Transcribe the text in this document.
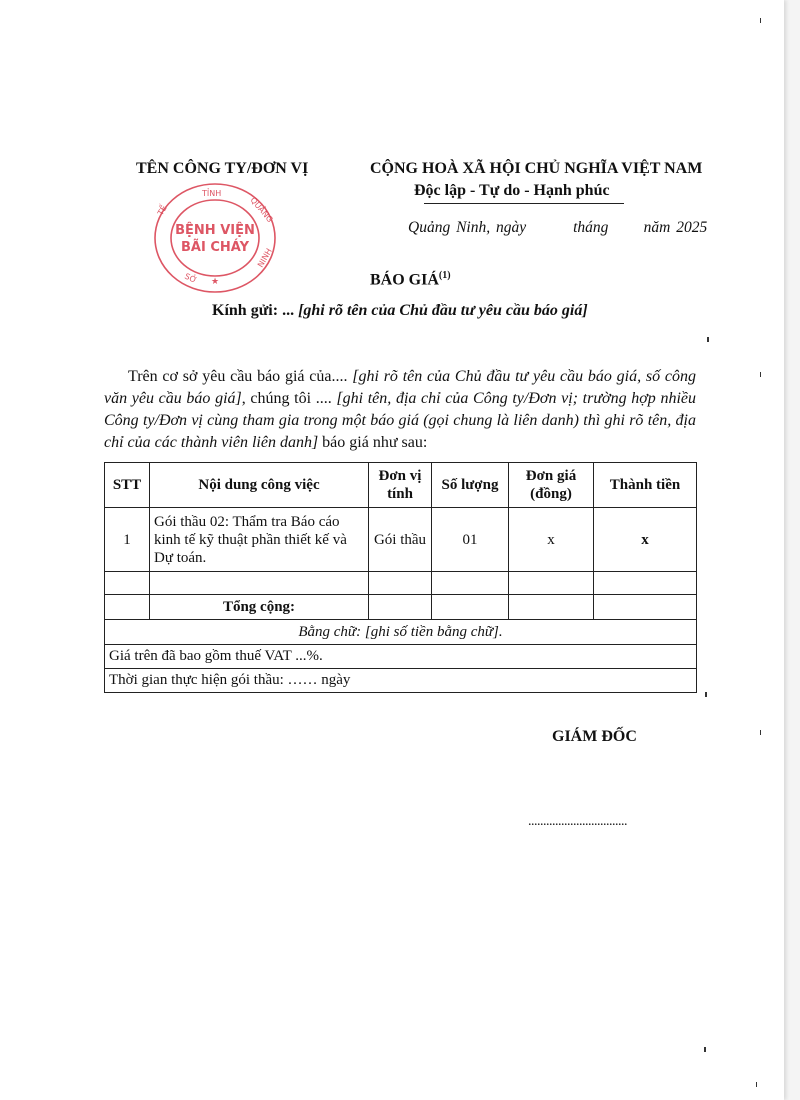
TÊN CÔNG TY/ĐƠN VỊ
TỈNH
TẾ	QUẢNG
NINH
SỞ ★
BỆNH VIỆN
BÃI CHÁY
CỘNG HOÀ XÃ HỘI CHỦ NGHĨA VIỆT NAM
Độc lập - Tự do - Hạnh phúc
Quảng Ninh, ngày        tháng      năm 2025
BÁO GIÁ$^{(1)}$
Kính gửi: ... [ghi rõ tên của Chủ đầu tư yêu cầu báo giá]
Trên cơ sở yêu cầu báo giá của.... [ghi rõ tên của Chủ đầu tư yêu cầu báo giá, số công văn yêu cầu báo giá], chúng tôi .... [ghi tên, địa chỉ của Công ty/Đơn vị; trường hợp nhiều Công ty/Đơn vị cùng tham gia trong một báo giá (gọi chung là liên danh) thì ghi rõ tên, địa chỉ của các thành viên liên danh] báo giá như sau:
STT	Nội dung công việc	Đơn vị tính	Số lượng	Đơn giá (đồng)	Thành tiền
1	Gói thầu 02: Thẩm tra Báo cáo kinh tế kỹ thuật phần thiết kế và Dự toán.	Gói thầu	01	x	x

	Tổng cộng:				
Bằng chữ: [ghi số tiền bằng chữ].					
Giá trên đã bao gồm thuế VAT ...%.					
Thời gian thực hiện gói thầu: …… ngày					
GIÁM ĐỐC
.................................
